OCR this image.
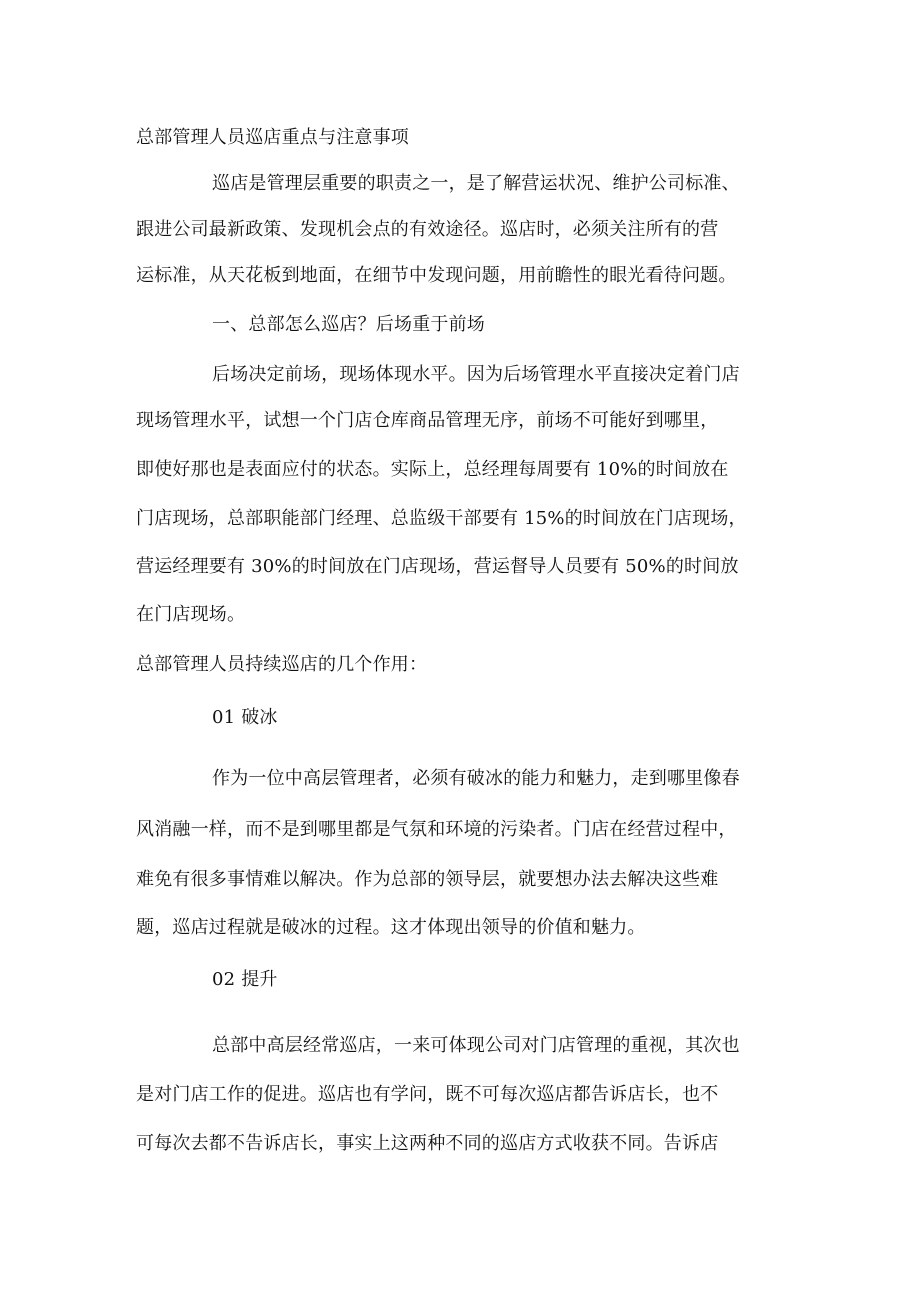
总部管理人员巡店重点与注意事项
巡店是管理层重要的职责之一，是了解营运状况、维护公司标准、
跟进公司最新政策、发现机会点的有效途径。巡店时，必须关注所有的营
运标准，从天花板到地面，在细节中发现问题，用前瞻性的眼光看待问题。
一、总部怎么巡店？后场重于前场
后场决定前场，现场体现水平。因为后场管理水平直接决定着门店
现场管理水平，试想一个门店仓库商品管理无序，前场不可能好到哪里，
即使好那也是表面应付的状态。实际上，总经理每周要有 10%的时间放在
门店现场，总部职能部门经理、总监级干部要有 15%的时间放在门店现场，
营运经理要有 30%的时间放在门店现场，营运督导人员要有 50%的时间放
在门店现场。
总部管理人员持续巡店的几个作用：
01 破冰
作为一位中高层管理者，必须有破冰的能力和魅力，走到哪里像春
风消融一样，而不是到哪里都是气氛和环境的污染者。门店在经营过程中，
难免有很多事情难以解决。作为总部的领导层，就要想办法去解决这些难
题，巡店过程就是破冰的过程。这才体现出领导的价值和魅力。
02 提升
总部中高层经常巡店，一来可体现公司对门店管理的重视，其次也
是对门店工作的促进。巡店也有学问，既不可每次巡店都告诉店长，也不
可每次去都不告诉店长，事实上这两种不同的巡店方式收获不同。告诉店
